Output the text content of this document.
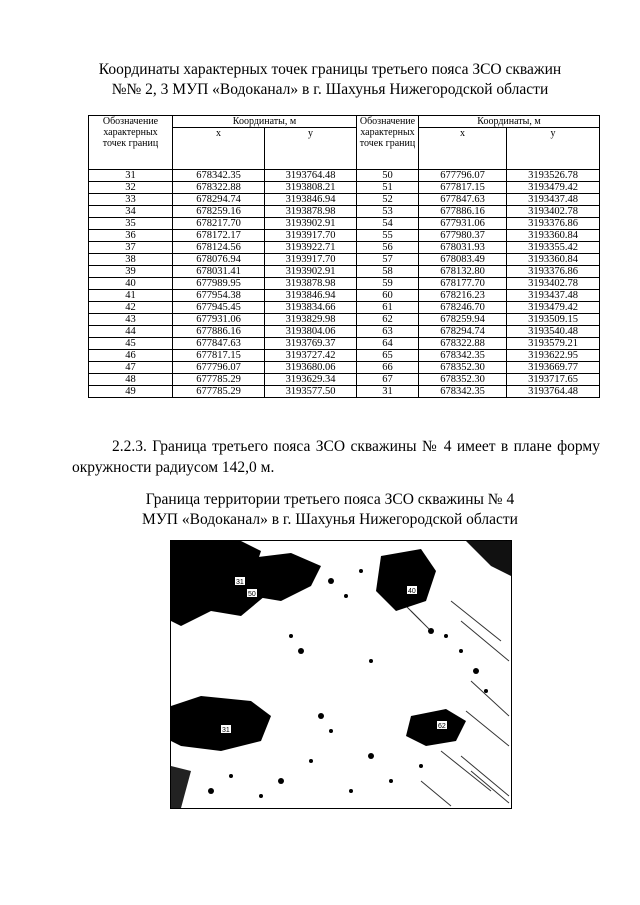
Координаты характерных точек границы третьего пояса ЗСО скважин
№№ 2, 3 МУП «Водоканал» в г. Шахунья Нижегородской области
Обозначение характерных точек границ	Координаты, м		Обозначение характерных точек границ	Координаты, м	
	x	у		x	у
31	678342.35	3193764.48	50	677796.07	3193526.78
32	678322.88	3193808.21	51	677817.15	3193479.42
33	678294.74	3193846.94	52	677847.63	3193437.48
34	678259.16	3193878.98	53	677886.16	3193402.78
35	678217.70	3193902.91	54	677931.06	3193376.86
36	678172.17	3193917.70	55	677980.37	3193360.84
37	678124.56	3193922.71	56	678031.93	3193355.42
38	678076.94	3193917.70	57	678083.49	3193360.84
39	678031.41	3193902.91	58	678132.80	3193376.86
40	677989.95	3193878.98	59	678177.70	3193402.78
41	677954.38	3193846.94	60	678216.23	3193437.48
42	677945.45	3193834.66	61	678246.70	3193479.42
43	677931.06	3193829.98	62	678259.94	3193509.15
44	677886.16	3193804.06	63	678294.74	3193540.48
45	677847.63	3193769.37	64	678322.88	3193579.21
46	677817.15	3193727.42	65	678342.35	3193622.95
47	677796.07	3193680.06	66	678352.30	3193669.77
48	677785.29	3193629.34	67	678352.30	3193717.65
49	677785.29	3193577.50	31	678342.35	3193764.48
2.2.3. Граница третьего пояса ЗСО скважины № 4 имеет в плане форму
окружности радиусом 142,0 м.
Граница территории третьего пояса ЗСО скважины № 4
МУП «Водоканал» в г. Шахунья Нижегородской области
31
50	40
31
62
